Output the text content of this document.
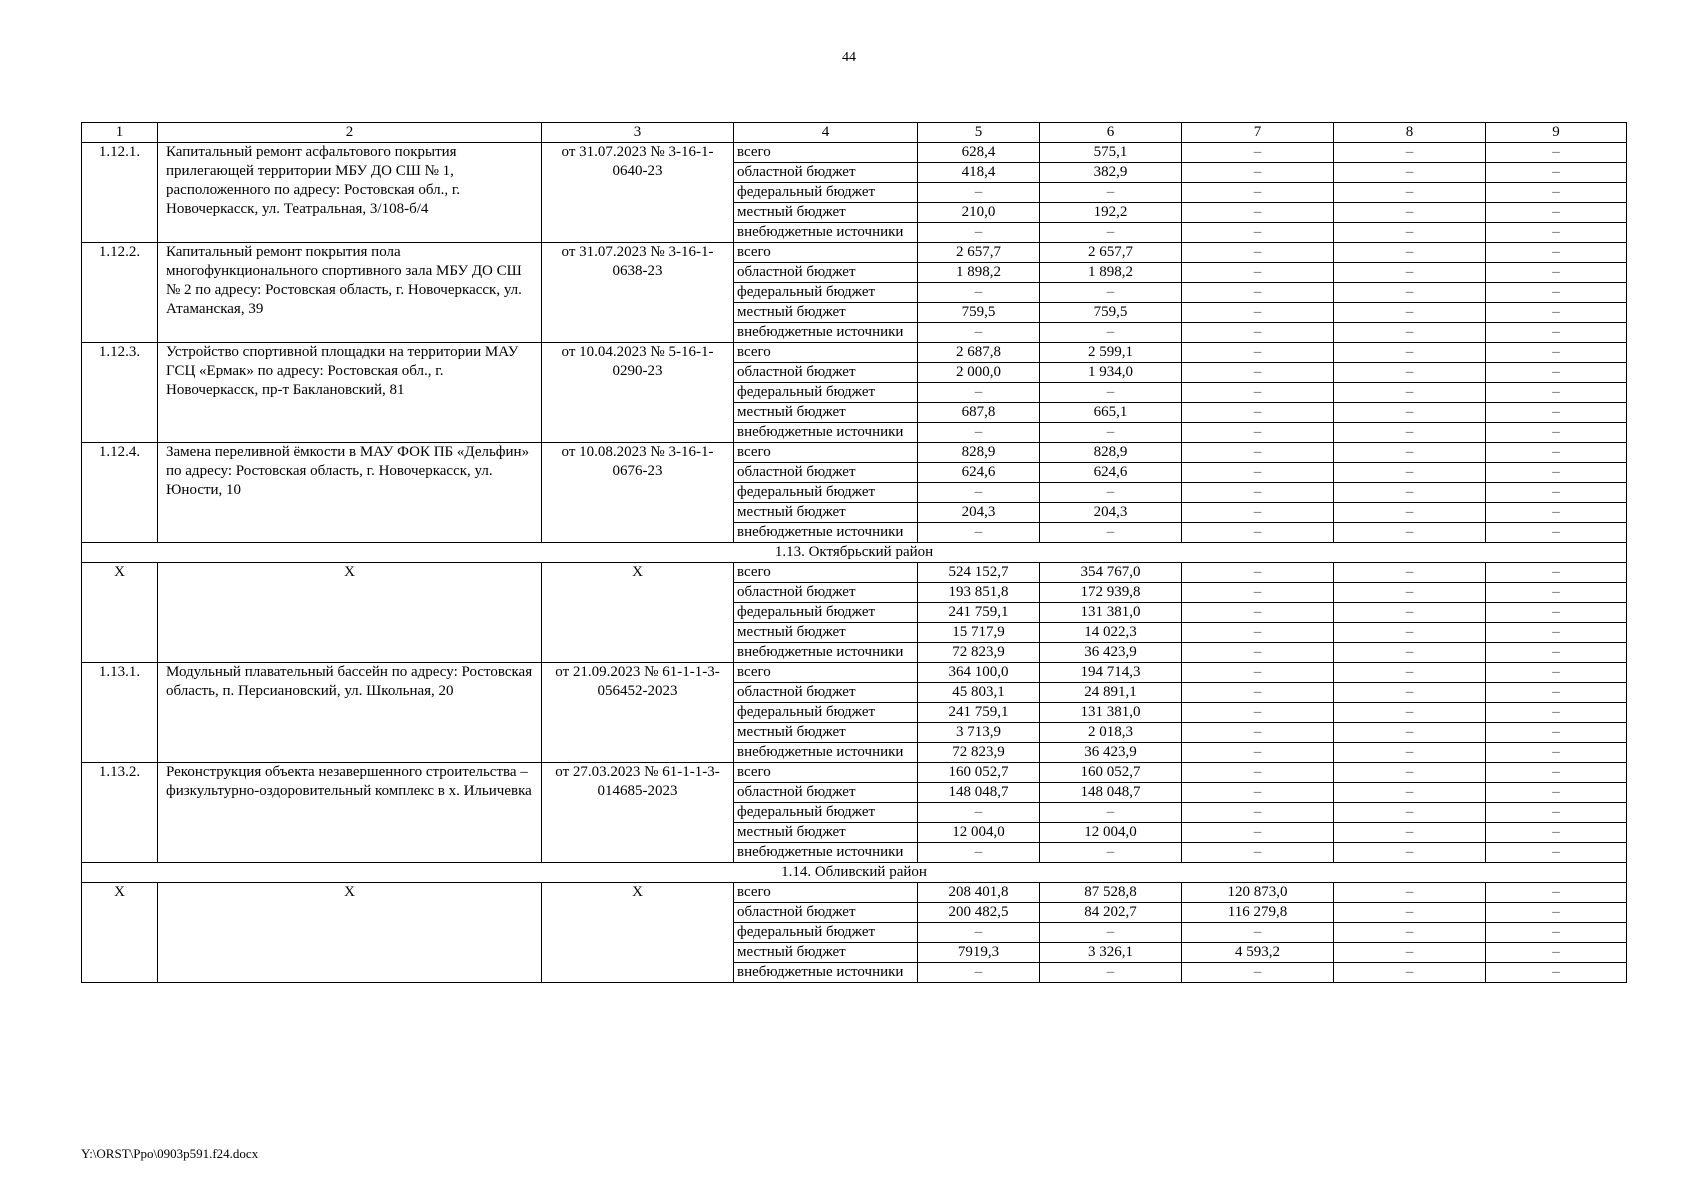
44
1	2	3	4	5	6	7	8	9
1.12.1.	Капитальный ремонт асфальтового покрытия прилегающей территории МБУ ДО СШ № 1, расположенного по адресу: Ростовская обл., г. Новочеркасск, ул. Театральная, 3/108-б/4	от 31.07.2023 № 3-16-1-0640-23	всего	628,4	575,1	–	–	–
			областной бюджет	418,4	382,9	–	–	–
			федеральный бюджет	–	–	–	–	–
			местный бюджет	210,0	192,2	–	–	–
			внебюджетные источники	–	–	–	–	–
1.12.2.	Капитальный ремонт покрытия пола многофункционального спортивного зала МБУ ДО СШ № 2 по адресу: Ростовская область, г. Новочеркасск, ул. Атаманская, 39	от 31.07.2023 № 3-16-1-0638-23	всего	2 657,7	2 657,7	–	–	–
			областной бюджет	1 898,2	1 898,2	–	–	–
			федеральный бюджет	–	–	–	–	–
			местный бюджет	759,5	759,5	–	–	–
			внебюджетные источники	–	–	–	–	–
1.12.3.	Устройство спортивной площадки на территории МАУ ГСЦ «Ермак» по адресу: Ростовская обл., г. Новочеркасск, пр-т Баклановский, 81	от 10.04.2023 № 5-16-1-0290-23	всего	2 687,8	2 599,1	–	–	–
			областной бюджет	2 000,0	1 934,0	–	–	–
			федеральный бюджет	–	–	–	–	–
			местный бюджет	687,8	665,1	–	–	–
			внебюджетные источники	–	–	–	–	–
1.12.4.	Замена переливной ёмкости в МАУ ФОК ПБ «Дельфин» по адресу: Ростовская область, г. Новочеркасск, ул. Юности, 10	от 10.08.2023 № 3-16-1-0676-23	всего	828,9	828,9	–	–	–
			областной бюджет	624,6	624,6	–	–	–
			федеральный бюджет	–	–	–	–	–
			местный бюджет	204,3	204,3	–	–	–
			внебюджетные источники	–	–	–	–	–
1.13. Октябрьский район								
X	X	X	всего	524 152,7	354 767,0	–	–	–
			областной бюджет	193 851,8	172 939,8	–	–	–
			федеральный бюджет	241 759,1	131 381,0	–	–	–
			местный бюджет	15 717,9	14 022,3	–	–	–
			внебюджетные источники	72 823,9	36 423,9	–	–	–
1.13.1.	Модульный плавательный бассейн по адресу: Ростовская область, п. Персиановский, ул. Школьная, 20	от 21.09.2023 № 61-1-1-3-056452-2023	всего	364 100,0	194 714,3	–	–	–
			областной бюджет	45 803,1	24 891,1	–	–	–
			федеральный бюджет	241 759,1	131 381,0	–	–	–
			местный бюджет	3 713,9	2 018,3	–	–	–
			внебюджетные источники	72 823,9	36 423,9	–	–	–
1.13.2.	Реконструкция объекта незавершенного строительства – физкультурно-оздоровительный комплекс в х. Ильичевка	от 27.03.2023 № 61-1-1-3-014685-2023	всего	160 052,7	160 052,7	–	–	–
			областной бюджет	148 048,7	148 048,7	–	–	–
			федеральный бюджет	–	–	–	–	–
			местный бюджет	12 004,0	12 004,0	–	–	–
			внебюджетные источники	–	–	–	–	–
1.14. Обливский район								
X	X	X	всего	208 401,8	87 528,8	120 873,0	–	–
			областной бюджет	200 482,5	84 202,7	116 279,8	–	–
			федеральный бюджет	–	–	–	–	–
			местный бюджет	7919,3	3 326,1	4 593,2	–	–
			внебюджетные источники	–	–	–	–	–
Y:\ORST\Ppo\0903p591.f24.docx
